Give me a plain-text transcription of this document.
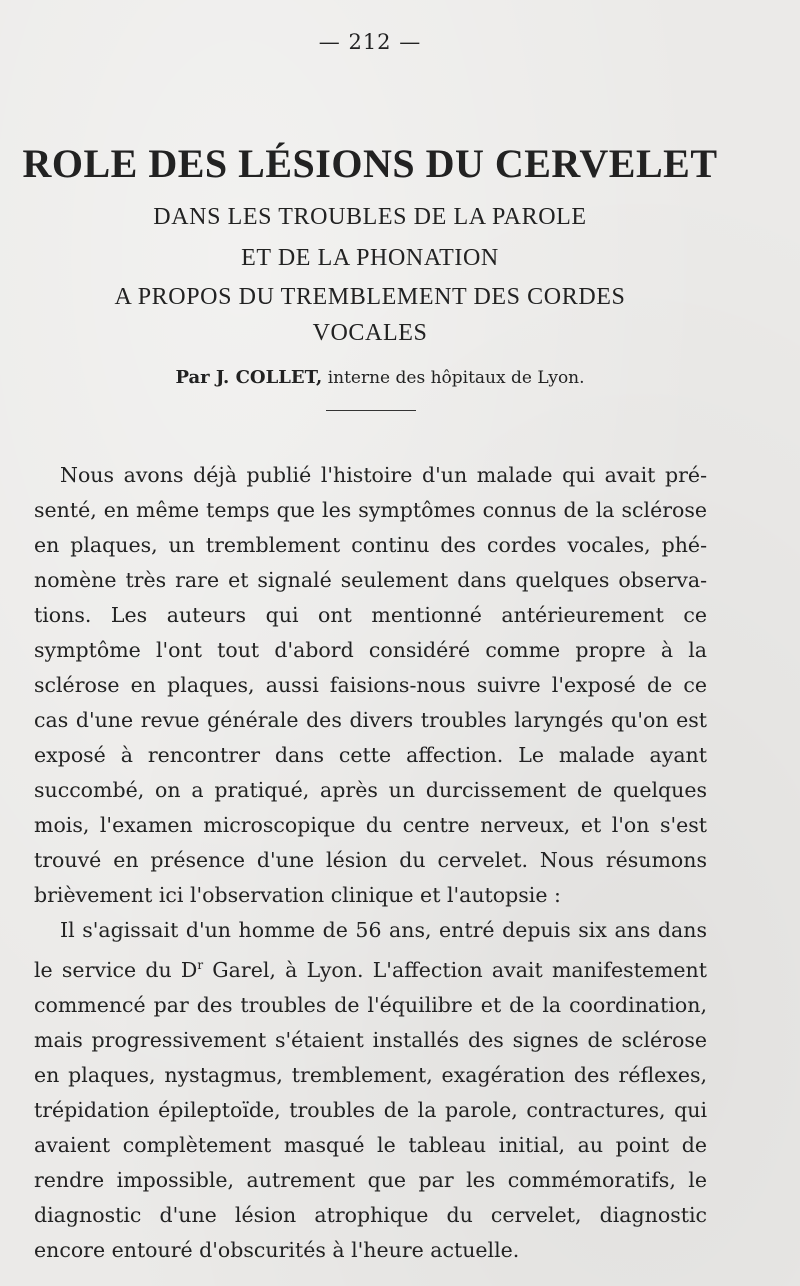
— 212 —
ROLE DES LÉSIONS DU CERVELET
DANS LES TROUBLES DE LA PAROLE
ET DE LA PHONATION
A PROPOS DU TREMBLEMENT DES CORDES
VOCALES
Par J. COLLET, interne des hôpitaux de Lyon.

Nous avons déjà publié l'histoire d'un malade qui avait présenté, en même temps que les symptômes connus de la sclérose en plaques, un tremblement continu des cordes vocales, phénomène très rare et signalé seulement dans quelques observations. Les auteurs qui ont mentionné antérieurement ce symptôme l'ont tout d'abord considéré comme propre à la sclérose en plaques, aussi faisions-nous suivre l'exposé de ce cas d'une revue générale des divers troubles laryngés qu'on est exposé à rencontrer dans cette affection. Le malade ayant succombé, on a pratiqué, après un durcissement de quelques mois, l'examen microscopique du centre nerveux, et l'on s'est trouvé en présence d'une lésion du cervelet. Nous résumons brièvement ici l'observation clinique et l'autopsie :

Il s'agissait d'un homme de 56 ans, entré depuis six ans dans le service du $D^r$ Garel, à Lyon. L'affection avait manifestement commencé par des troubles de l'équilibre et de la coordination, mais progressivement s'étaient installés des signes de sclérose en plaques, nystagmus, tremblement, exagération des réflexes, trépidation épileptoïde, troubles de la parole, contractures, qui avaient complètement masqué le tableau initial, au point de rendre impossible, autrement que par les commémoratifs, le diagnostic d'une lésion atrophique du cervelet, diagnostic encore entouré d'obscurités à l'heure actuelle.
